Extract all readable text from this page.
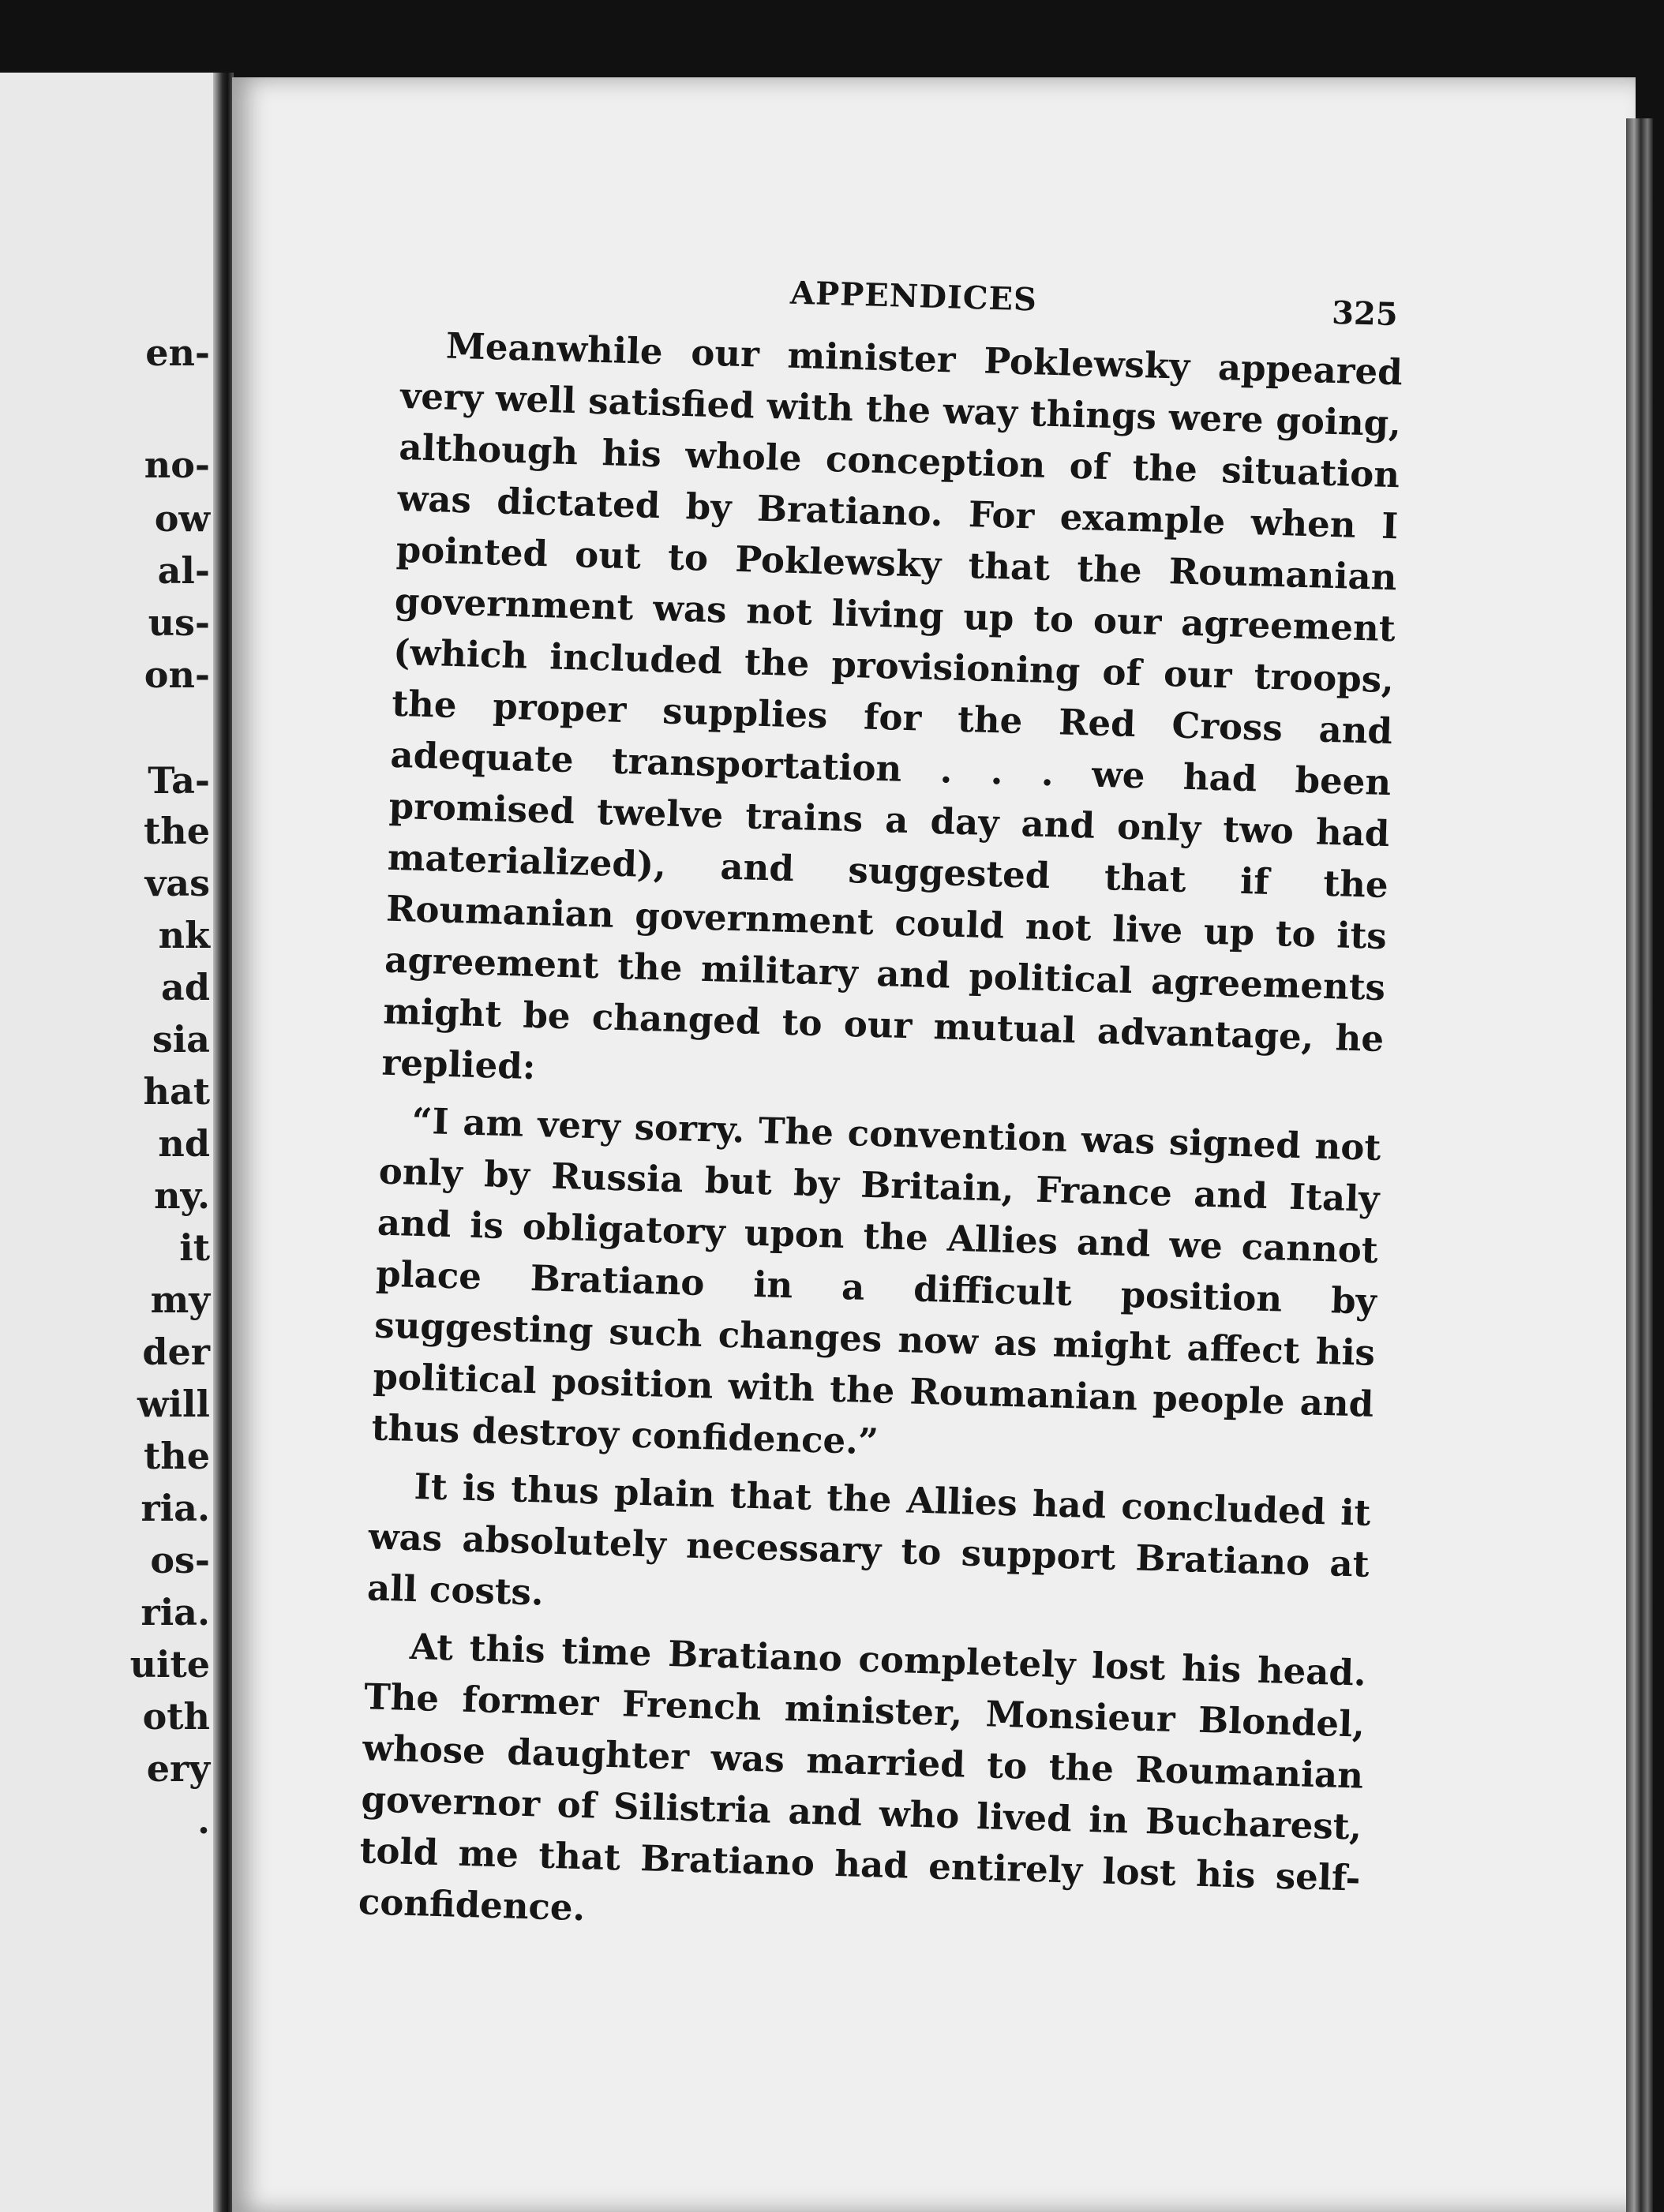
en-
no-
ow
al-
us-
on-
Ta-
the
vas
nk
ad
sia
hat
nd
ny.
it
my
der
will
the
ria.
os-
ria.
uite
oth
ery
.
APPENDICES	325

Meanwhile our minister Poklewsky appeared very well satisfied with the way things were going, although his whole conception of the situation was dictated by Bratiano. For example when I pointed out to Poklewsky that the Roumanian government was not living up to our agreement (which included the provisioning of our troops, the proper supplies for the Red Cross and adequate transportation . . . we had been promised twelve trains a day and only two had materialized), and suggested that if the Roumanian government could not live up to its agreement the military and political agreements might be changed to our mutual advantage, he replied:

“I am very sorry. The convention was signed not only by Russia but by Britain, France and Italy and is obligatory upon the Allies and we cannot place Bratiano in a difficult position by suggesting such changes now as might affect his political position with the Roumanian people and thus destroy confidence.”

It is thus plain that the Allies had concluded it was absolutely necessary to support Bratiano at all costs.

At this time Bratiano completely lost his head. The former French minister, Monsieur Blondel, whose daughter was married to the Roumanian governor of Silistria and who lived in Bucharest, told me that Bratiano had entirely lost his self-confidence.
